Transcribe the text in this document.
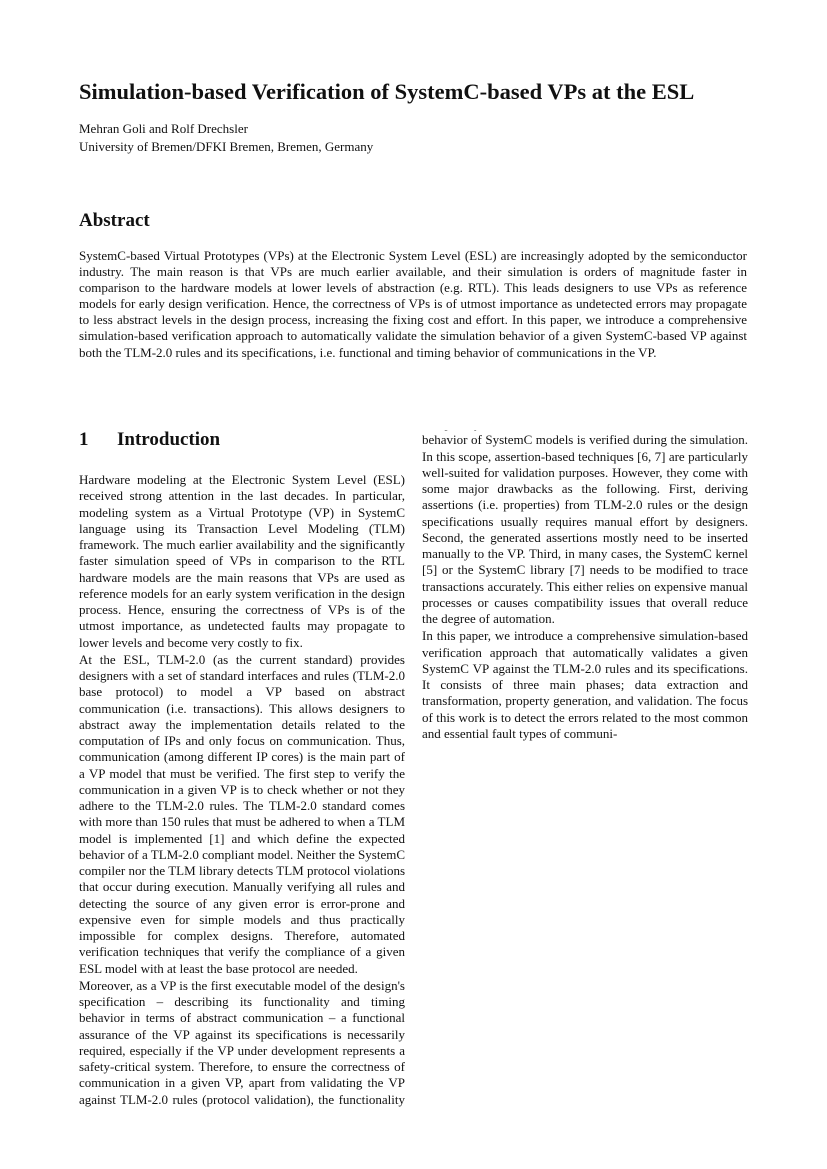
Simulation-based Verification of SystemC-based VPs at the ESL
Mehran Goli and Rolf Drechsler
University of Bremen/DFKI Bremen, Bremen, Germany
Abstract

SystemC-based Virtual Prototypes (VPs) at the Electronic System Level (ESL) are increasingly adopted by the semiconductor industry. The main reason is that VPs are much earlier available, and their simulation is orders of magnitude faster in comparison to the hardware models at lower levels of abstraction (e.g. RTL). This leads designers to use VPs as reference models for early design verification. Hence, the correctness of VPs is of utmost importance as undetected errors may propagate to less abstract levels in the design process, increasing the fixing cost and effort. In this paper, we introduce a comprehensive simulation-based verification approach to automatically validate the simulation behavior of a given SystemC-based VP against both the TLM-2.0 rules and its specifications, i.e. functional and timing behavior of communications in the VP.

1 Introduction

Hardware modeling at the Electronic System Level (ESL) received strong attention in the last decades. In particular, modeling system as a Virtual Prototype (VP) in SystemC language using its Transaction Level Modeling (TLM) framework. The much earlier availability and the significantly faster simulation speed of VPs in comparison to the RTL hardware models are the main reasons that VPs are used as reference models for an early system verification in the design process. Hence, ensuring the correctness of VPs is of the utmost importance, as undetected faults may propagate to lower levels and become very costly to fix.

At the ESL, TLM-2.0 (as the current standard) provides designers with a set of standard interfaces and rules (TLM-2.0 base protocol) to model a VP based on abstract communication (i.e. transactions). This allows designers to abstract away the implementation details related to the computation of IPs and only focus on communication. Thus, communication (among different IP cores) is the main part of a VP model that must be verified. The first step to verify the communication in a given VP is to check whether or not they adhere to the TLM-2.0 rules. The TLM-2.0 standard comes with more than 150 rules that must be adhered to when a TLM model is implemented [1] and which define the expected behavior of a TLM-2.0 compliant model. Neither the SystemC compiler nor the TLM library detects TLM protocol violations that occur during execution. Manually verifying all rules and detecting the source of any given error is error-prone and expensive even for simple models and thus practically impossible for complex designs. Therefore, automated verification techniques that verify the compliance of a given ESL model with at least the base protocol are needed.

Moreover, as a VP is the first executable model of the design's specification – describing its functionality and timing behavior in terms of abstract communication – a functional assurance of the VP against its specifications is necessarily required, especially if the VP under development represents a safety-critical system. Therefore, to ensure the correctness of communication in a given VP, apart from validating the VP against TLM-2.0 rules (protocol validation), the functionality

behavior of SystemC models is verified during the simulation. In this scope, assertion-based techniques [6, 7] are particularly well-suited for validation purposes. However, they come with some major drawbacks as the following. First, deriving assertions (i.e. properties) from TLM-2.0 rules or the design specifications usually requires manual effort by designers. Second, the generated assertions mostly need to be inserted manually to the VP. Third, in many cases, the SystemC kernel [5] or the SystemC library [7] needs to be modified to trace transactions accurately. This either relies on expensive manual processes or causes compatibility issues that overall reduce the degree of automation.

In this paper, we introduce a comprehensive simulation-based verification approach that automatically validates a given SystemC VP against the TLM-2.0 rules and its specifications. It consists of three main phases; data extraction and transformation, property generation, and validation. The focus of this work is to detect the errors related to the most common and essential fault types of communi-
